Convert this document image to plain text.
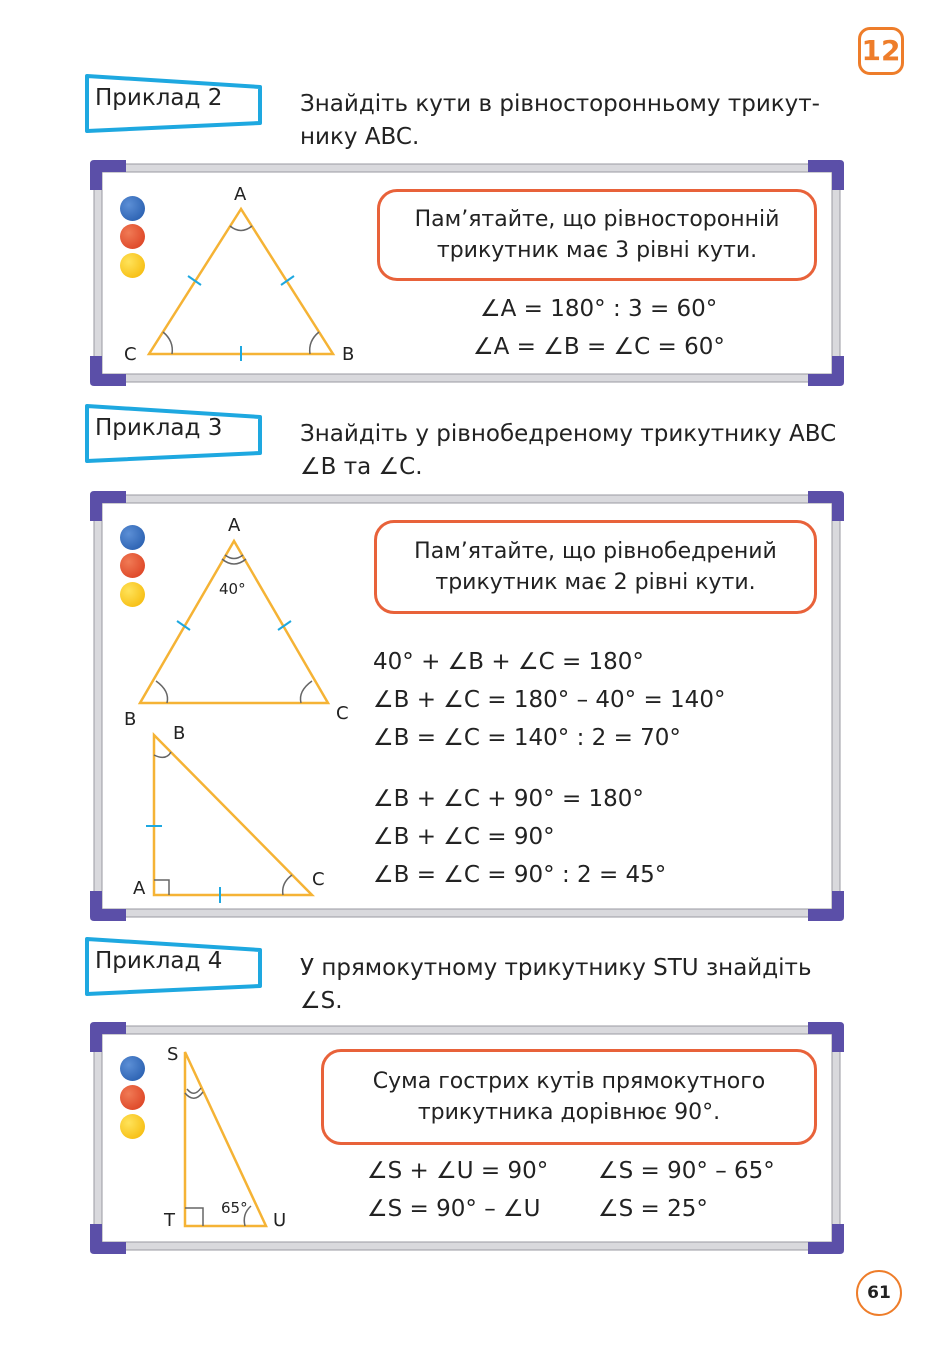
12
Приклад 2	Знайдіть кути в рівносторонньому трикут-нику ABC.
A
C	B
Пам’ятайте, що рівносторонній трикутник має 3 рівні кути.
∠A = 180° : 3 = 60°
∠A = ∠B = ∠C = 60°
Приклад 3	Знайдіть у рівнобедреному трикутнику ABC ∠B та ∠C.
A
40°
B	C
B
A	C
Пам’ятайте, що рівнобедрений трикутник має 2 рівні кути.
40° + ∠B + ∠C = 180°
∠B + ∠C = 180° – 40° = 140°
∠B = ∠C = 140° : 2 = 70°
∠B + ∠C + 90° = 180°
∠B + ∠C = 90°
∠B = ∠C = 90° : 2 = 45°
Приклад 4	У прямокутному трикутнику STU знайдіть ∠S.
S
T	U
65°
Сума гострих кутів прямокутного трикутника дорівнює 90°.
∠S + ∠U = 90°
∠S = 90° – ∠U
∠S = 90° – 65°
∠S = 25°
61
